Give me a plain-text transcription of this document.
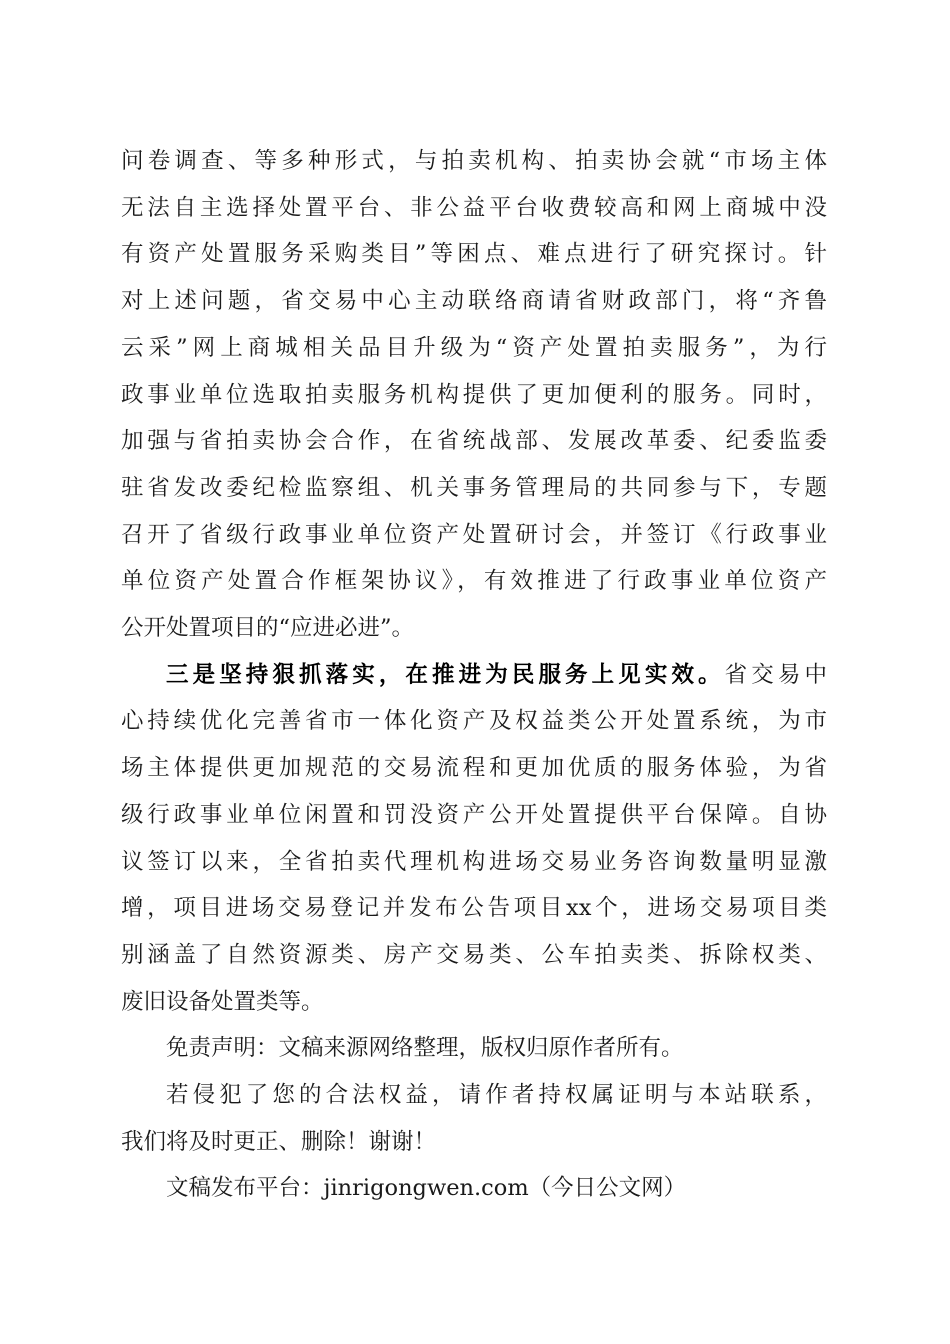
问卷调查、等多种形式，与拍卖机构、拍卖协会就“市场主体
无法自主选择处置平台、非公益平台收费较高和网上商城中没
有资产处置服务采购类目”等困点、难点进行了研究探讨。针
对上述问题，省交易中心主动联络商请省财政部门，将“齐鲁
云采”网上商城相关品目升级为“资产处置拍卖服务”，为行
政事业单位选取拍卖服务机构提供了更加便利的服务。同时，
加强与省拍卖协会合作，在省统战部、发展改革委、纪委监委
驻省发改委纪检监察组、机关事务管理局的共同参与下，专题
召开了省级行政事业单位资产处置研讨会，并签订《行政事业
单位资产处置合作框架协议》，有效推进了行政事业单位资产
公开处置项目的“应进必进”。
三是坚持狠抓落实，在推进为民服务上见实效。省交易中
心持续优化完善省市一体化资产及权益类公开处置系统，为市
场主体提供更加规范的交易流程和更加优质的服务体验，为省
级行政事业单位闲置和罚没资产公开处置提供平台保障。自协
议签订以来，全省拍卖代理机构进场交易业务咨询数量明显激
增，项目进场交易登记并发布公告项目xx个，进场交易项目类
别涵盖了自然资源类、房产交易类、公车拍卖类、拆除权类、
废旧设备处置类等。
免责声明：文稿来源网络整理，版权归原作者所有。
若侵犯了您的合法权益，请作者持权属证明与本站联系，
我们将及时更正、删除！谢谢！
文稿发布平台：jinrigongwen.com（今日公文网）
